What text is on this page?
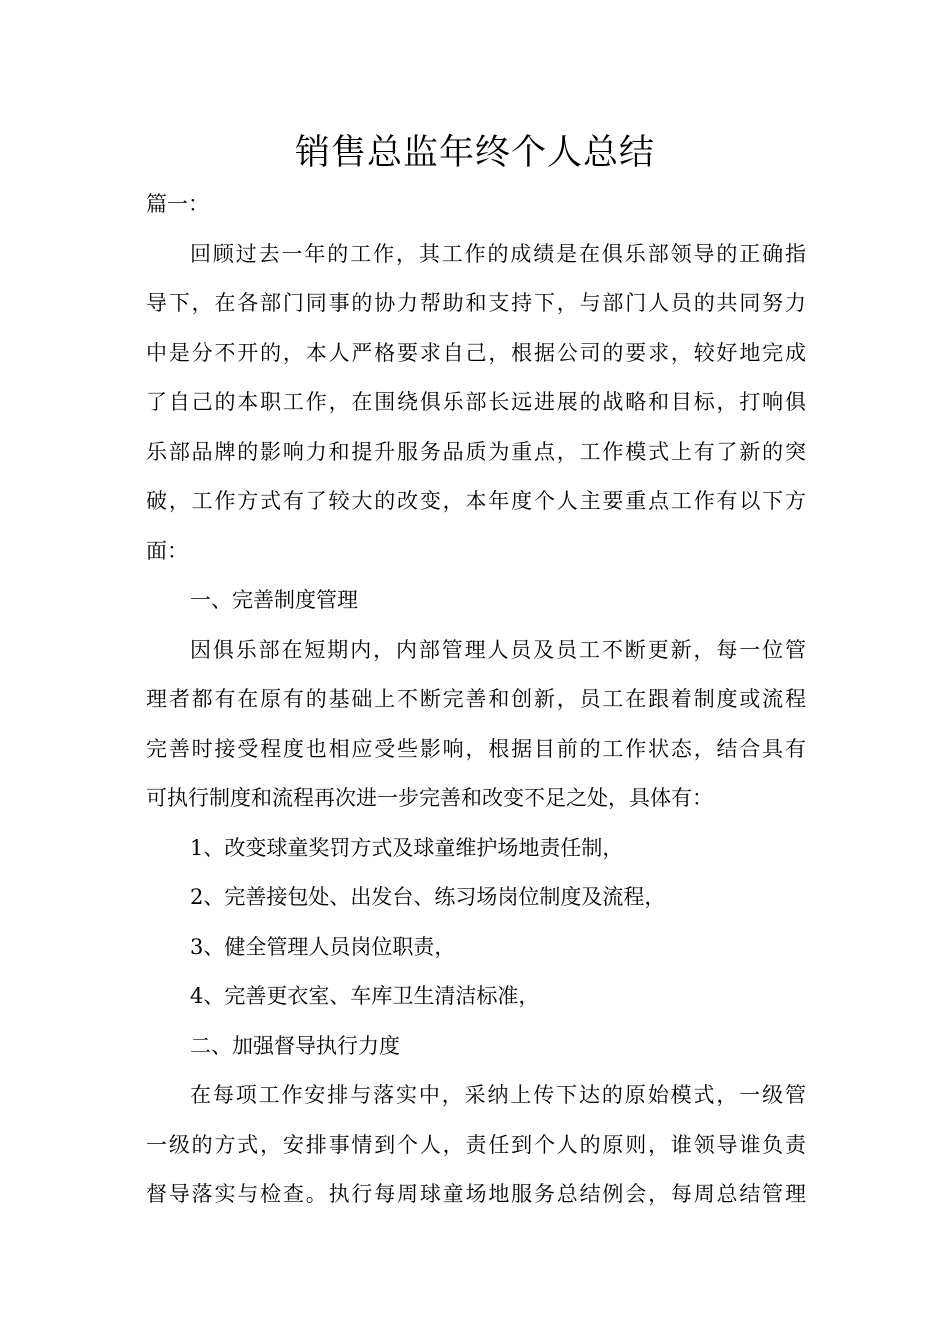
销售总监年终个人总结
篇一：
回顾过去一年的工作，其工作的成绩是在俱乐部领导的正确指
导下，在各部门同事的协力帮助和支持下，与部门人员的共同努力
中是分不开的，本人严格要求自己，根据公司的要求，较好地完成
了自己的本职工作，在围绕俱乐部长远进展的战略和目标，打响俱
乐部品牌的影响力和提升服务品质为重点，工作模式上有了新的突
破，工作方式有了较大的改变，本年度个人主要重点工作有以下方
面：
一、完善制度管理
因俱乐部在短期内，内部管理人员及员工不断更新，每一位管
理者都有在原有的基础上不断完善和创新，员工在跟着制度或流程
完善时接受程度也相应受些影响，根据目前的工作状态，结合具有
可执行制度和流程再次进一步完善和改变不足之处，具体有：
1、改变球童奖罚方式及球童维护场地责任制，
2、完善接包处、出发台、练习场岗位制度及流程，
3、健全管理人员岗位职责，
4、完善更衣室、车库卫生清洁标准，
二、加强督导执行力度
在每项工作安排与落实中，采纳上传下达的原始模式，一级管
一级的方式，安排事情到个人，责任到个人的原则，谁领导谁负责
督导落实与检查。执行每周球童场地服务总结例会，每周总结管理
